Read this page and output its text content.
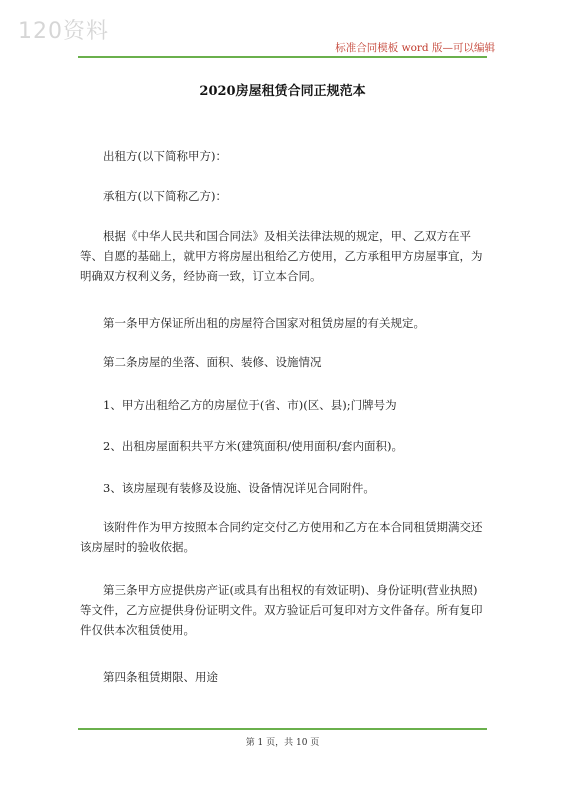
120资料
标准合同模板 word 版—可以编辑
2020房屋租赁合同正规范本

出租方(以下简称甲方)：

承租方(以下简称乙方)：

根据《中华人民共和国合同法》及相关法律法规的规定，甲、乙双方在平等、自愿的基础上，就甲方将房屋出租给乙方使用，乙方承租甲方房屋事宜，为明确双方权利义务，经协商一致，订立本合同。

第一条甲方保证所出租的房屋符合国家对租赁房屋的有关规定。

第二条房屋的坐落、面积、装修、设施情况

1、甲方出租给乙方的房屋位于(省、市)(区、县);门牌号为

2、出租房屋面积共平方米(建筑面积/使用面积/套内面积)。

3、该房屋现有装修及设施、设备情况详见合同附件。

该附件作为甲方按照本合同约定交付乙方使用和乙方在本合同租赁期满交还该房屋时的验收依据。

第三条甲方应提供房产证(或具有出租权的有效证明)、身份证明(营业执照)等文件，乙方应提供身份证明文件。双方验证后可复印对方文件备存。所有复印件仅供本次租赁使用。

第四条租赁期限、用途

第 1 页，共 10 页
